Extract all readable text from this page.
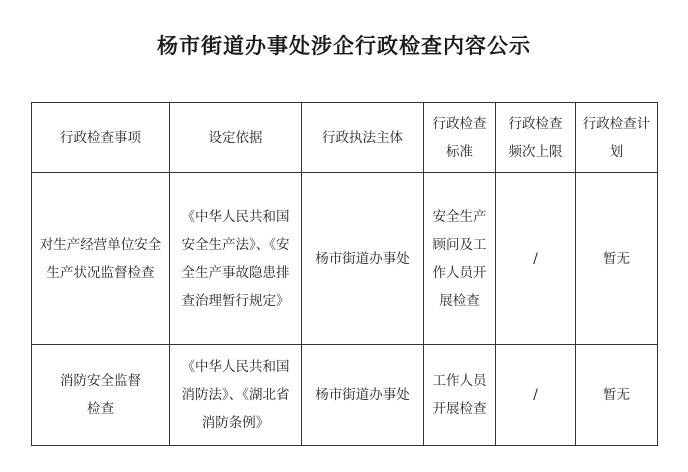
杨市街道办事处涉企行政检查内容公示
行政检查事项	设定依据	行政执法主体	行政检查标准	行政检查频次上限	行政检查计划
对生产经营单位安全生产状况监督检查	《中华人民共和国安全生产法》、《安全生产事故隐患排查治理暂行规定》	杨市街道办事处	安全生产顾问及工作人员开展检查	/	暂无
消防安全监督检查	《中华人民共和国消防法》、《湖北省消防条例》	杨市街道办事处	工作人员开展检查	/	暂无
